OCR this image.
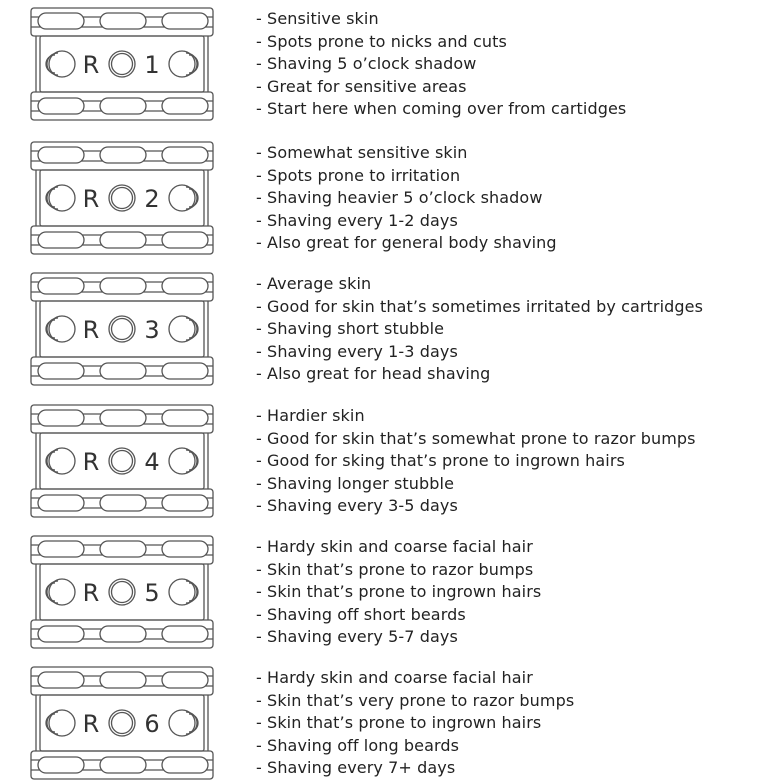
R 1
- Sensitive skin
- Spots prone to nicks and cuts
- Shaving 5 o’clock shadow
- Great for sensitive areas
- Start here when coming over from cartidges
R 2
- Somewhat sensitive skin
- Spots prone to irritation
- Shaving heavier 5 o’clock shadow
- Shaving every 1-2 days
- Also great for general body shaving
R 3
- Average skin
- Good for skin that’s sometimes irritated by cartridges
- Shaving short stubble
- Shaving every 1-3 days
- Also great for head shaving
R 4
- Hardier skin
- Good for skin that’s somewhat prone to razor bumps
- Good for sking that’s prone to ingrown hairs
- Shaving longer stubble
- Shaving every 3-5 days
R 5
- Hardy skin and coarse facial hair
- Skin that’s prone to razor bumps
- Skin that’s prone to ingrown hairs
- Shaving off short beards
- Shaving every 5-7 days
R 6
- Hardy skin and coarse facial hair
- Skin that’s very prone to razor bumps
- Skin that’s prone to ingrown hairs
- Shaving off long beards
- Shaving every 7+ days
